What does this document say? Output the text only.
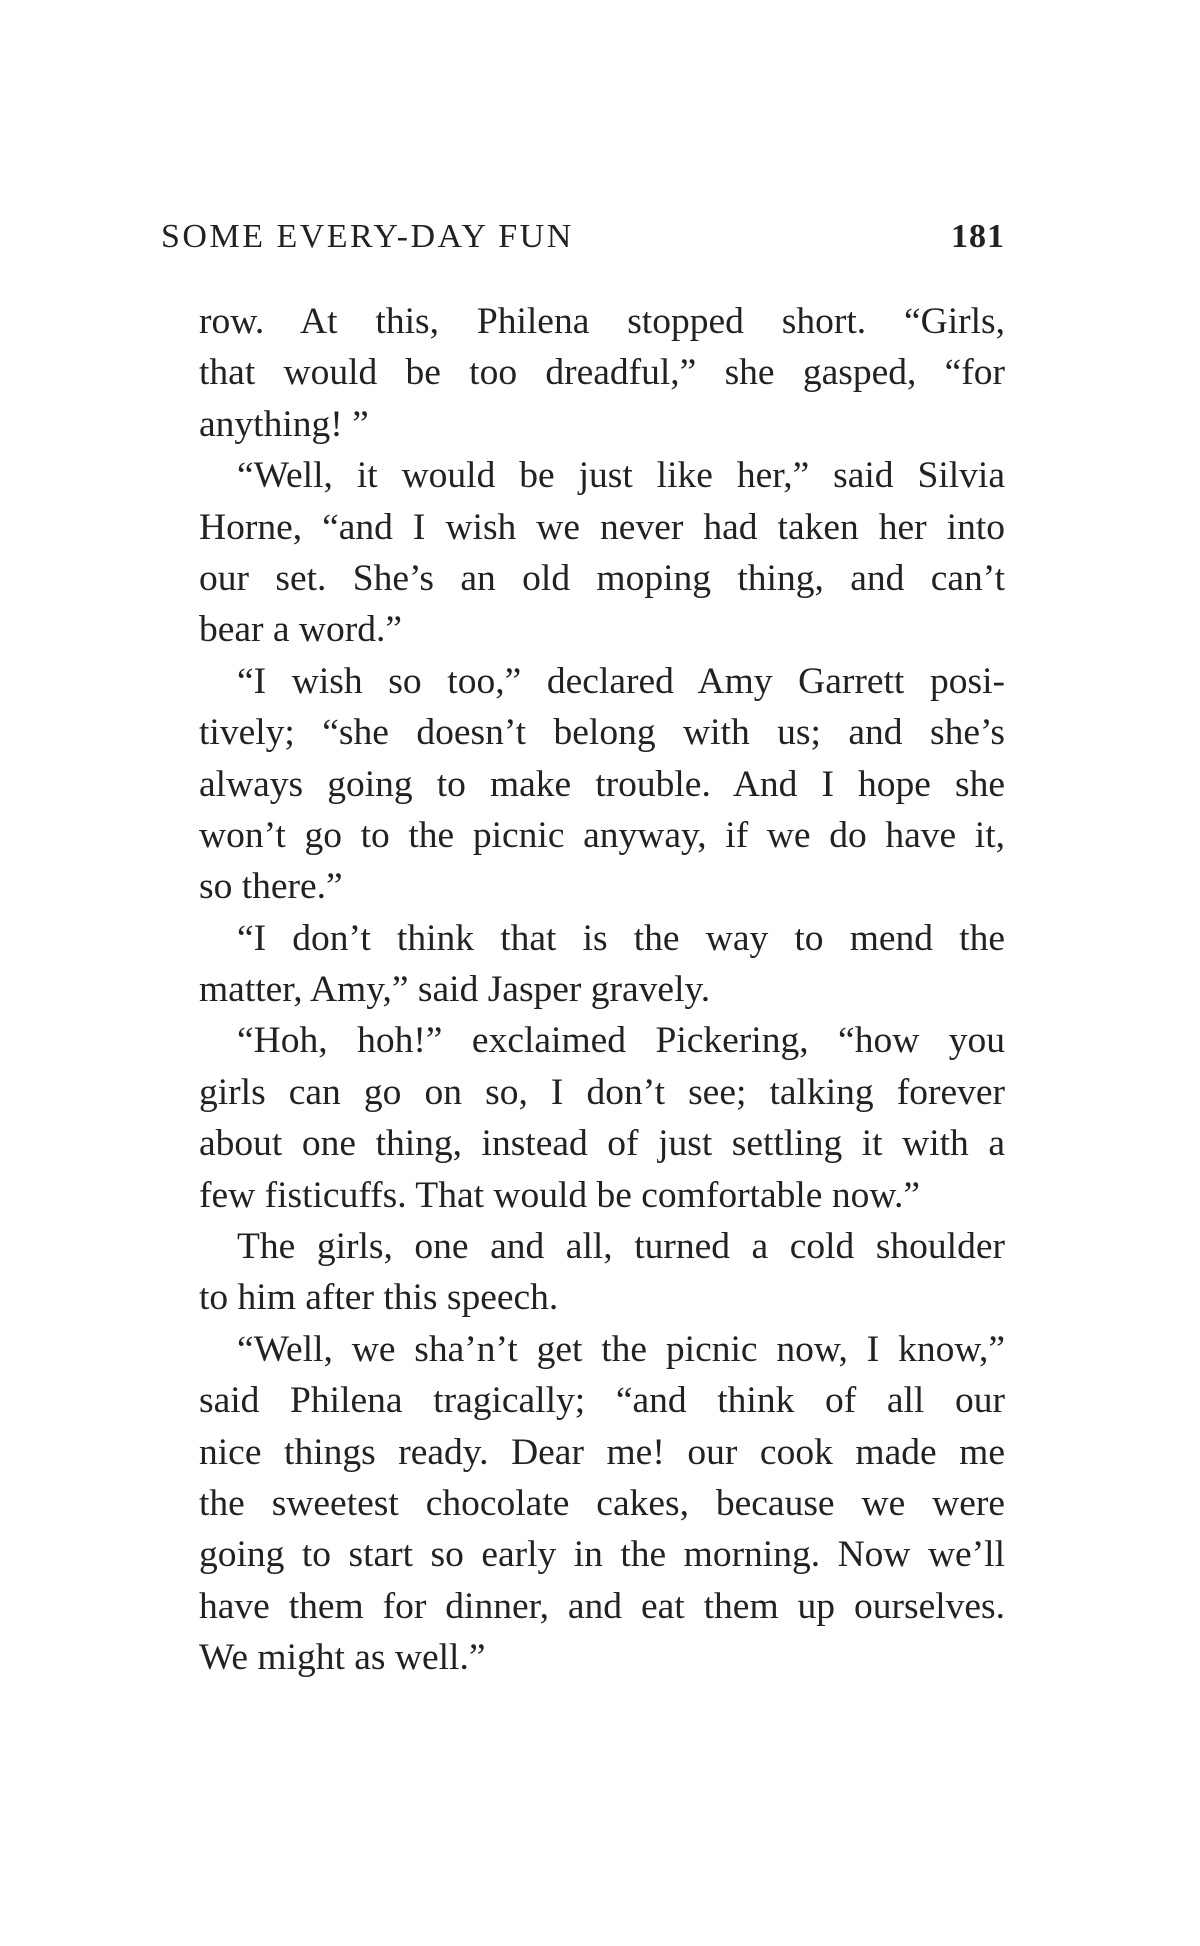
SOME EVERY-DAY FUN	181
row. At this, Philena stopped short. “Girls,
that would be too dreadful,” she gasped, “for
anything! ”
“Well, it would be just like her,” said Silvia
Horne, “and I wish we never had taken her into
our set. She’s an old moping thing, and can’t
bear a word.”
“I wish so too,” declared Amy Garrett posi-
tively; “she doesn’t belong with us; and she’s
always going to make trouble. And I hope she
won’t go to the picnic anyway, if we do have it,
so there.”
“I don’t think that is the way to mend the
matter, Amy,” said Jasper gravely.
“Hoh, hoh!” exclaimed Pickering, “how you
girls can go on so, I don’t see; talking forever
about one thing, instead of just settling it with a
few fisticuffs. That would be comfortable now.”
The girls, one and all, turned a cold shoulder
to him after this speech.
“Well, we sha’n’t get the picnic now, I know,”
said Philena tragically; “and think of all our
nice things ready. Dear me! our cook made me
the sweetest chocolate cakes, because we were
going to start so early in the morning. Now we’ll
have them for dinner, and eat them up ourselves.
We might as well.”
